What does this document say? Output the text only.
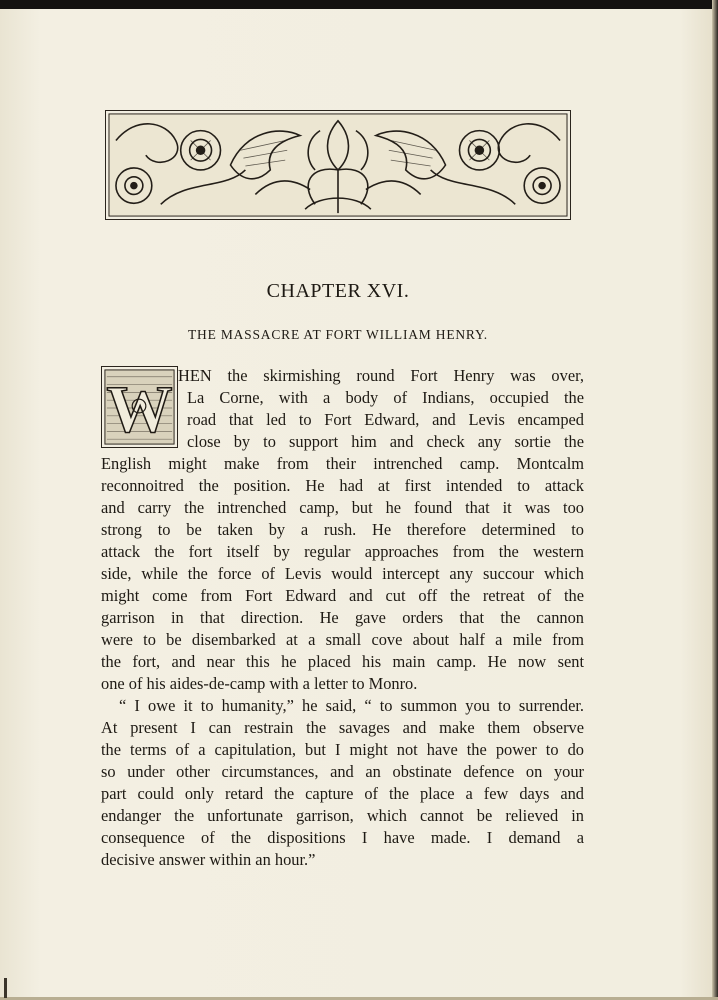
CHAPTER XVI.
THE MASSACRE AT FORT WILLIAM HENRY.
W HEN the skirmishing round Fort Henry was over,
La Corne, with a body of Indians, occupied the
road that led to Fort Edward, and Levis encamped
close by to support him and check any sortie the
English might make from their intrenched camp. Montcalm
reconnoitred the position. He had at first intended to attack
and carry the intrenched camp, but he found that it was too
strong to be taken by a rush. He therefore determined to
attack the fort itself by regular approaches from the western
side, while the force of Levis would intercept any succour which
might come from Fort Edward and cut off the retreat of the
garrison in that direction. He gave orders that the cannon
were to be disembarked at a small cove about half a mile from
the fort, and near this he placed his main camp. He now sent
one of his aides-de-camp with a letter to Monro.
“ I owe it to humanity,” he said, “ to summon you to surrender.
At present I can restrain the savages and make them observe
the terms of a capitulation, but I might not have the power to do
so under other circumstances, and an obstinate defence on your
part could only retard the capture of the place a few days and
endanger the unfortunate garrison, which cannot be relieved in
consequence of the dispositions I have made. I demand a
decisive answer within an hour.”
